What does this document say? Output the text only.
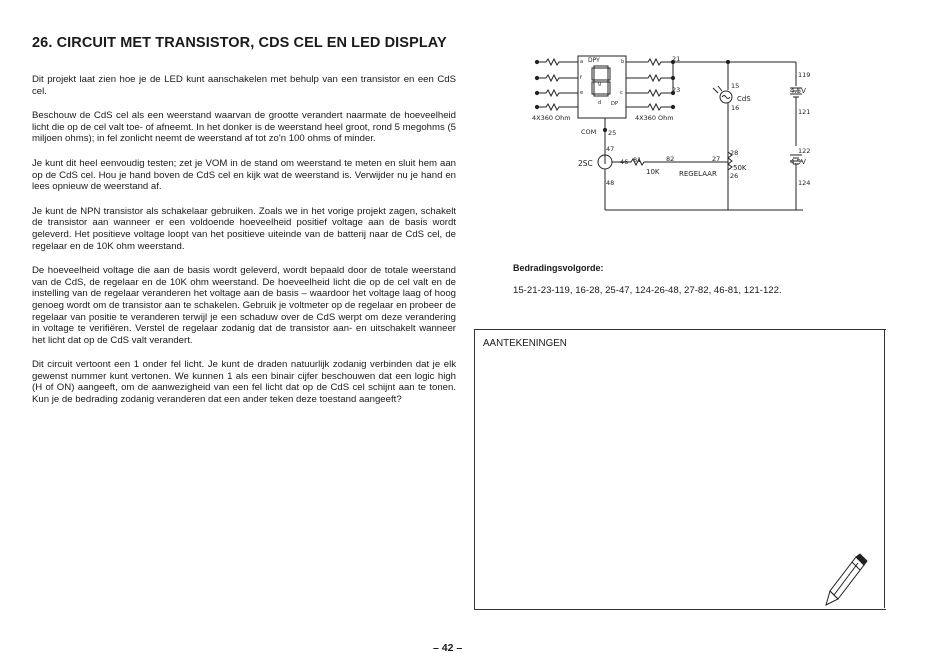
26. CIRCUIT MET TRANSISTOR, CDS CEL EN LED DISPLAY

Dit projekt laat zien hoe je de LED kunt aanschakelen met behulp van een transistor en een CdS cel.

Beschouw de CdS cel als een weerstand waarvan de grootte verandert naarmate de hoeveelheid licht die op de cel valt toe- of afneemt. In het donker is de weerstand heel groot, rond 5 megohms (5 miljoen ohms); in fel zonlicht neemt de weerstand af tot zo'n 100 ohms of minder.

Je kunt dit heel eenvoudig testen; zet je VOM in de stand om weerstand te meten en sluit hem aan op de CdS cel. Hou je hand boven de CdS cel en kijk wat de weerstand is. Verwijder nu je hand en lees opnieuw de weerstand af.

Je kunt de NPN transistor als schakelaar gebruiken. Zoals we in het vorige projekt zagen, schakelt de transistor aan wanneer er een voldoende hoeveelheid positief voltage aan de basis wordt geleverd. Het positieve voltage loopt van het positieve uiteinde van de batterij naar de CdS cel, de regelaar en de 10K ohm weerstand.

De hoeveelheid voltage die aan de basis wordt geleverd, wordt bepaald door de totale weerstand van de CdS, de regelaar en de 10K ohm weerstand. De hoeveelheid licht die op de cel valt en de instelling van de regelaar veranderen het voltage aan de basis – waardoor het voltage laag of hoog genoeg wordt om de transistor aan te schakelen. Gebruik je voltmeter op de regelaar en probeer de regelaar van positie te veranderen terwijl je een schaduw over de CdS werpt om deze verandering in voltage te verifiëren. Verstel de regelaar zodanig dat de transistor aan- en uitschakelt wanneer het licht dat op de CdS valt verandert.

Dit circuit vertoont een 1 onder fel licht. Je kunt de draden natuurlijk zodanig verbinden dat je elk gewenst nummer kunt vertonen. We kunnen 1 als een binair cijfer beschouwen dat een logic high (H of ON) aangeeft, om de aanwezigheid van een fel licht dat op de CdS cel schijnt aan te tonen. Kun je de bedrading zodanig veranderen dat een ander teken deze toestand aangeeft?

DPY
a	b
c
d
e
f
g
DP
4X360 Ohm	4X360 Ohm
21
23	15
CdS
16
COM 25
47
2SC	46
48
81	82
10K
27
28
50K
REGELAAR 26
119
4.5V
121
122
4.5V
124
Bedradingsvolgorde:
15-21-23-119, 16-28, 25-47, 124-26-48, 27-82, 46-81, 121-122.
AANTEKENINGEN
– 42 –
